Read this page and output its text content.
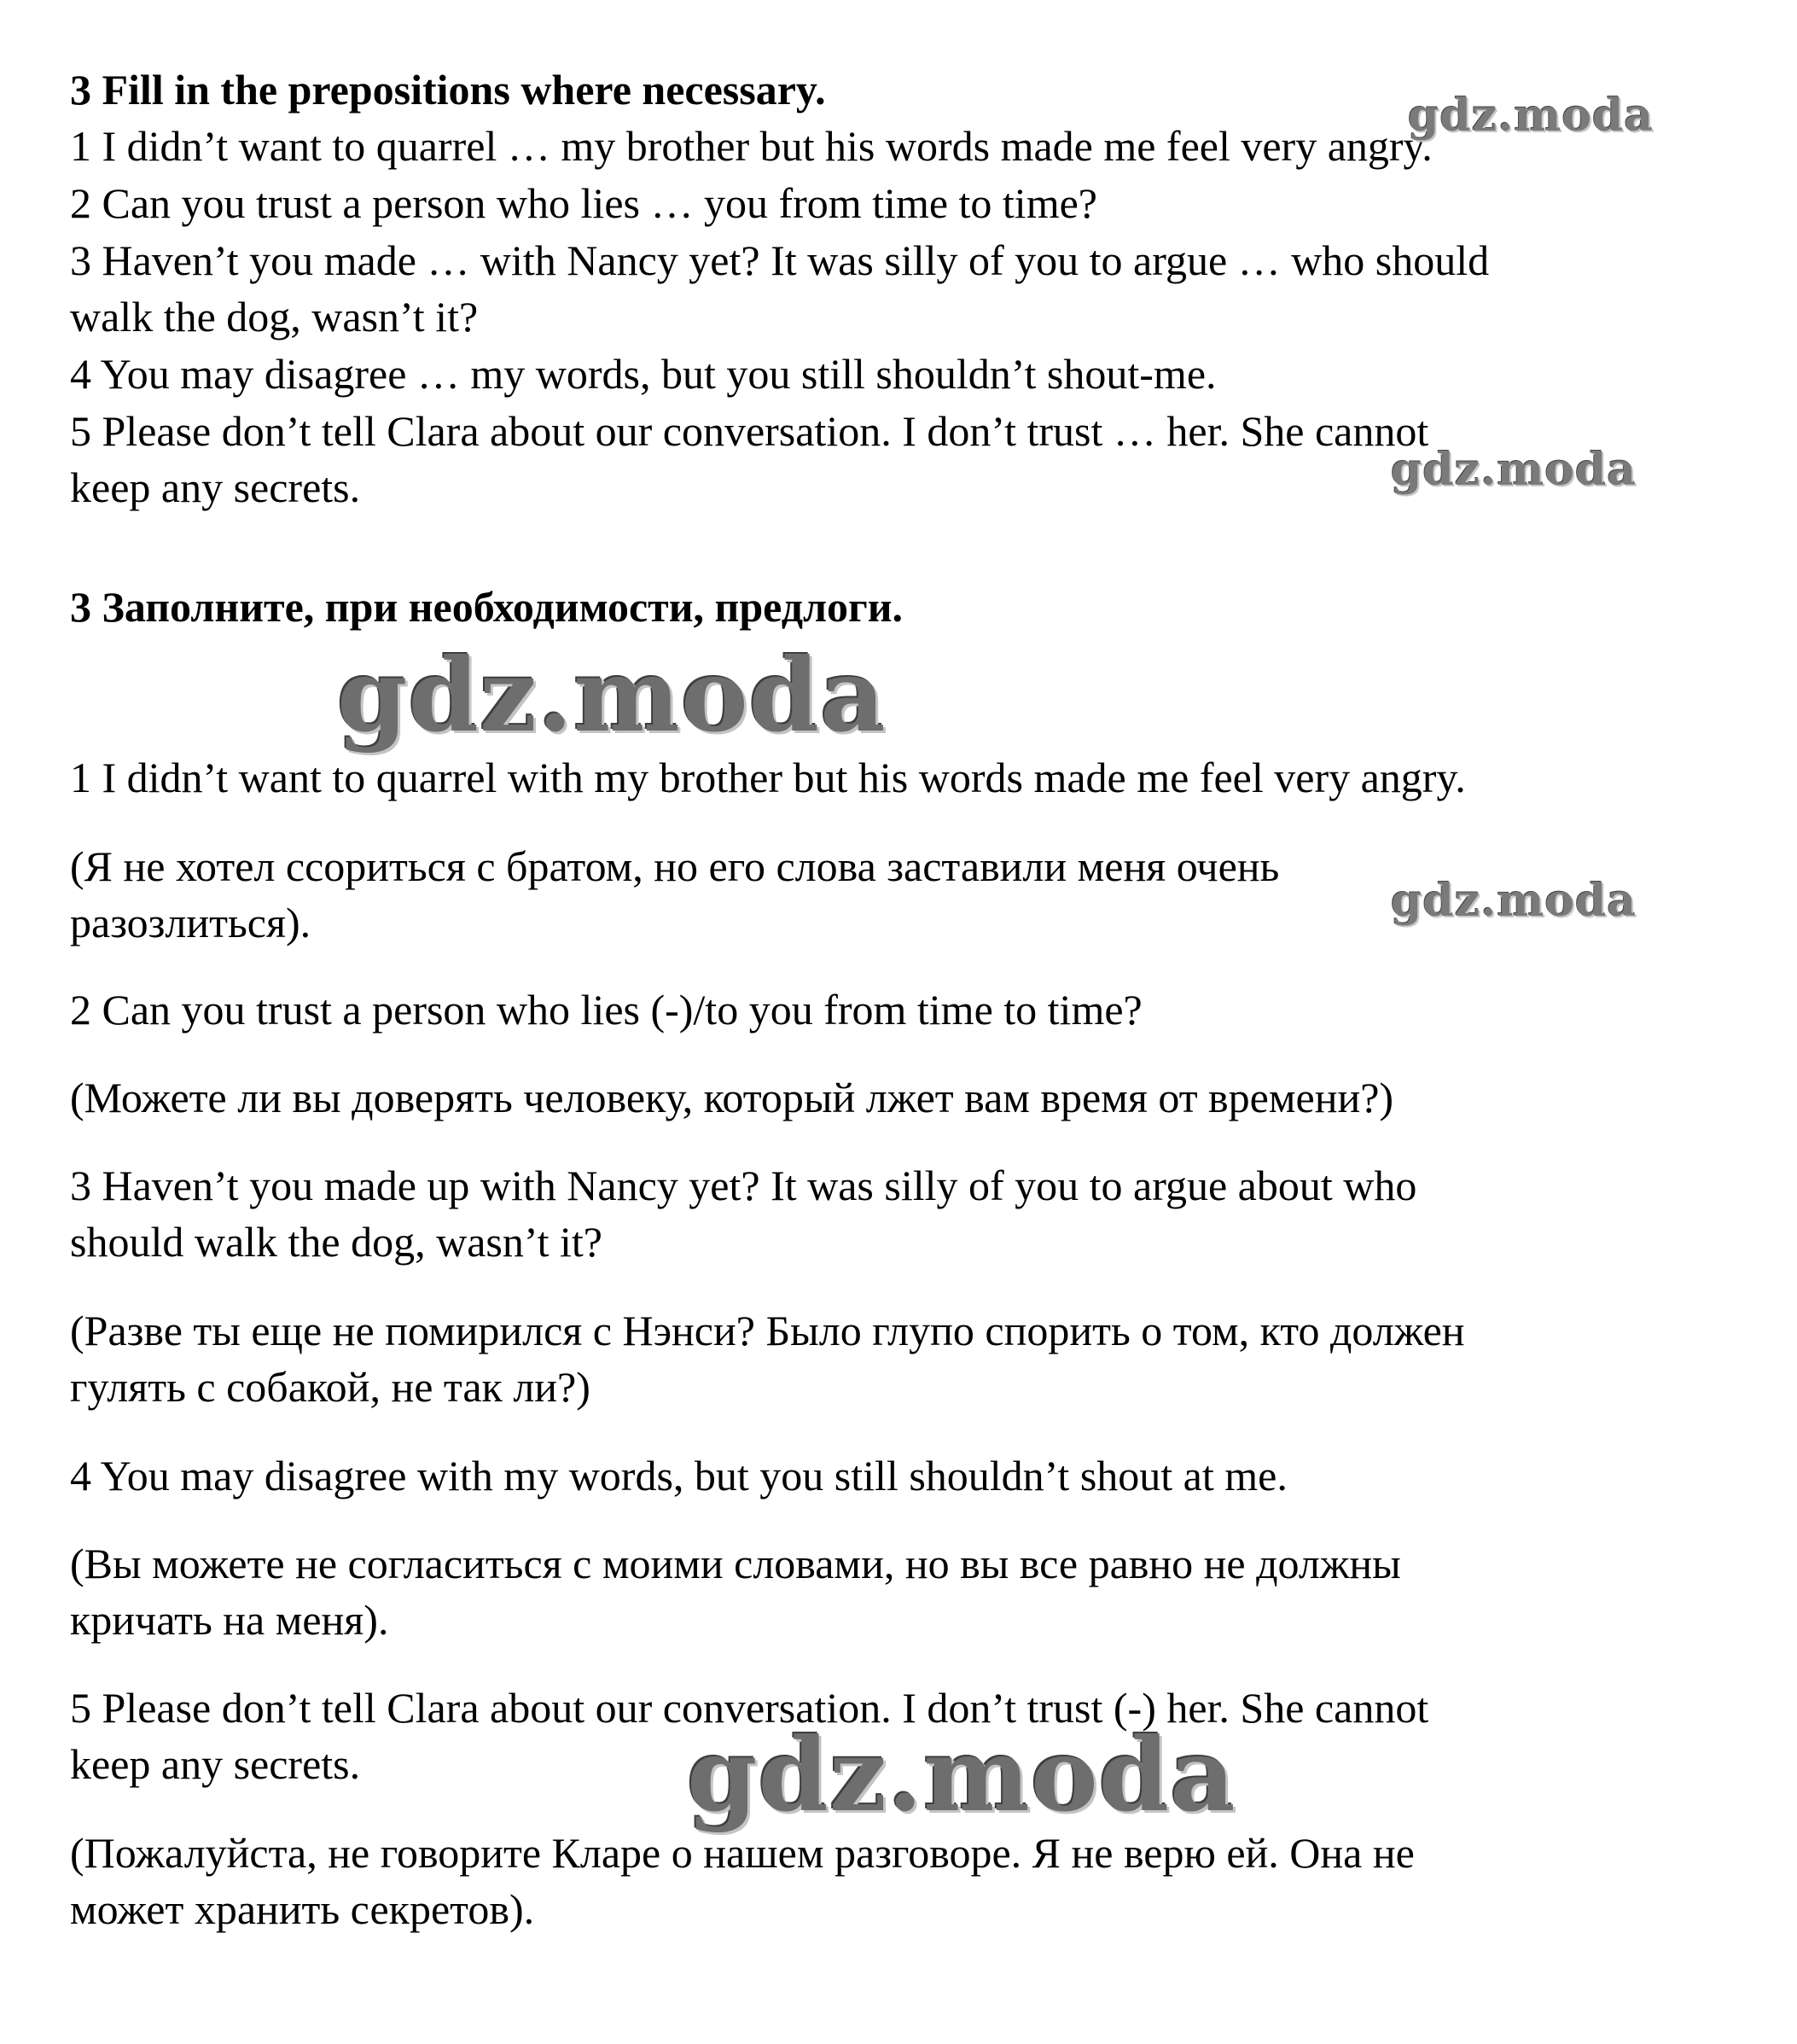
3 Fill in the prepositions where necessary.
1 I didn’t want to quarrel … my brother but his words made me feel very angry.
2 Can you trust a person who lies … you from time to time?
3 Haven’t you made … with Nancy yet? It was silly of you to argue … who should
walk the dog, wasn’t it?
4 You may disagree … my words, but you still shouldn’t shout-me.
5 Please don’t tell Clara about our conversation. I don’t trust … her. She cannot
keep any secrets.
3 Заполните, при необходимости, предлоги.
1 I didn’t want to quarrel with my brother but his words made me feel very angry.
(Я не хотел ссориться с братом, но его слова заставили меня очень
разозлиться).
2 Can you trust a person who lies (-)/to you from time to time?
(Можете ли вы доверять человеку, который лжет вам время от времени?)
3 Haven’t you made up with Nancy yet? It was silly of you to argue about who
should walk the dog, wasn’t it?
(Разве ты еще не помирился с Нэнси? Было глупо спорить о том, кто должен
гулять с собакой, не так ли?)
4 You may disagree with my words, but you still shouldn’t shout at me.
(Вы можете не согласиться с моими словами, но вы все равно не должны
кричать на меня).
5 Please don’t tell Clara about our conversation. I don’t trust (-) her. She cannot
keep any secrets.
(Пожалуйста, не говорите Кларе о нашем разговоре. Я не верю ей. Она не
может хранить секретов).
gdz.moda
gdz.moda
gdz.moda
gdz.moda
gdz.moda
